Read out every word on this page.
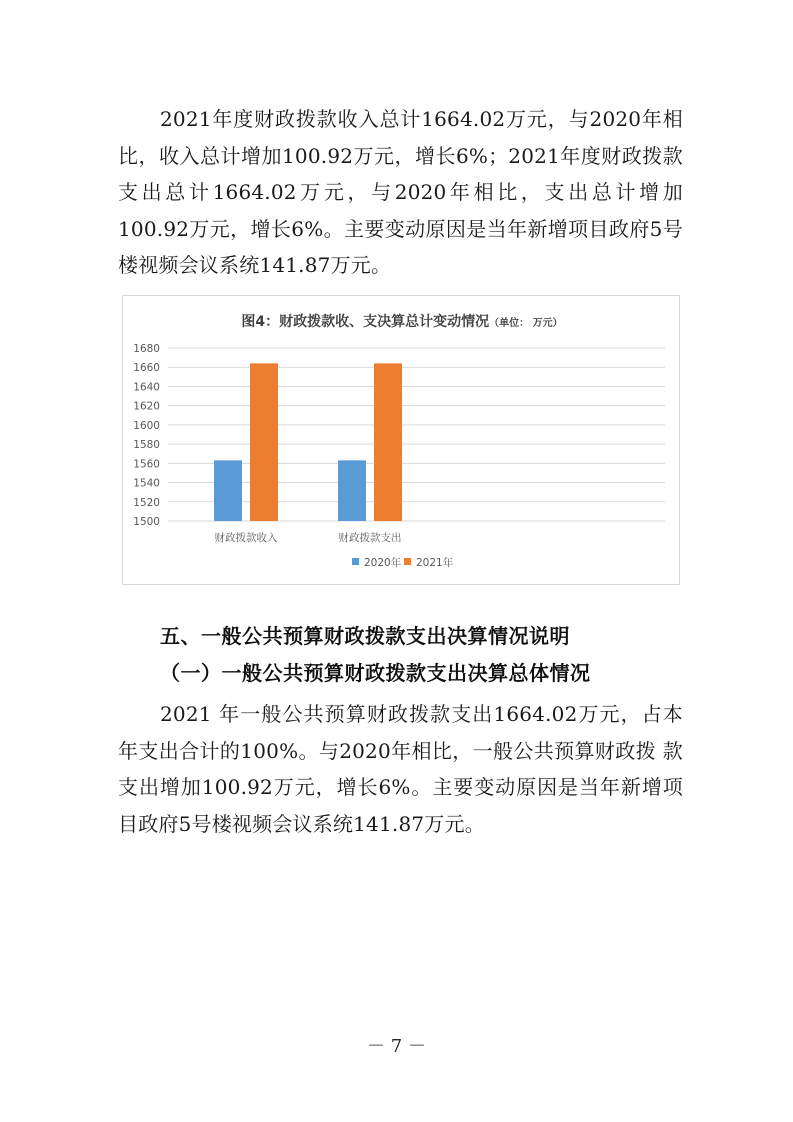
2021年度财政拨款收入总计1664.02万元，与2020年相比，收入总计增加100.92万元，增长6%；2021年度财政拨款支出总计1664.02万元，与2020年相比，支出总计增加100.92万元，增长6%。主要变动原因是当年新增项目政府5号楼视频会议系统141.87万元。

图4：财政拨款收、支决算总计变动情况（单位： 万元）
1500
1520
1540
1560
1580
1600
1620
1640
1660
1680
财政拨款收入	财政拨款支出
2020年 2021年
五、一般公共预算财政拨款支出决算情况说明
（一）一般公共预算财政拨款支出决算总体情况

2021 年一般公共预算财政拨款支出1664.02万元，占本年支出合计的100%。与2020年相比，一般公共预算财政拨 款支出增加100.92万元，增长6%。主要变动原因是当年新增项目政府5号楼视频会议系统141.87万元。

－ 7 －
